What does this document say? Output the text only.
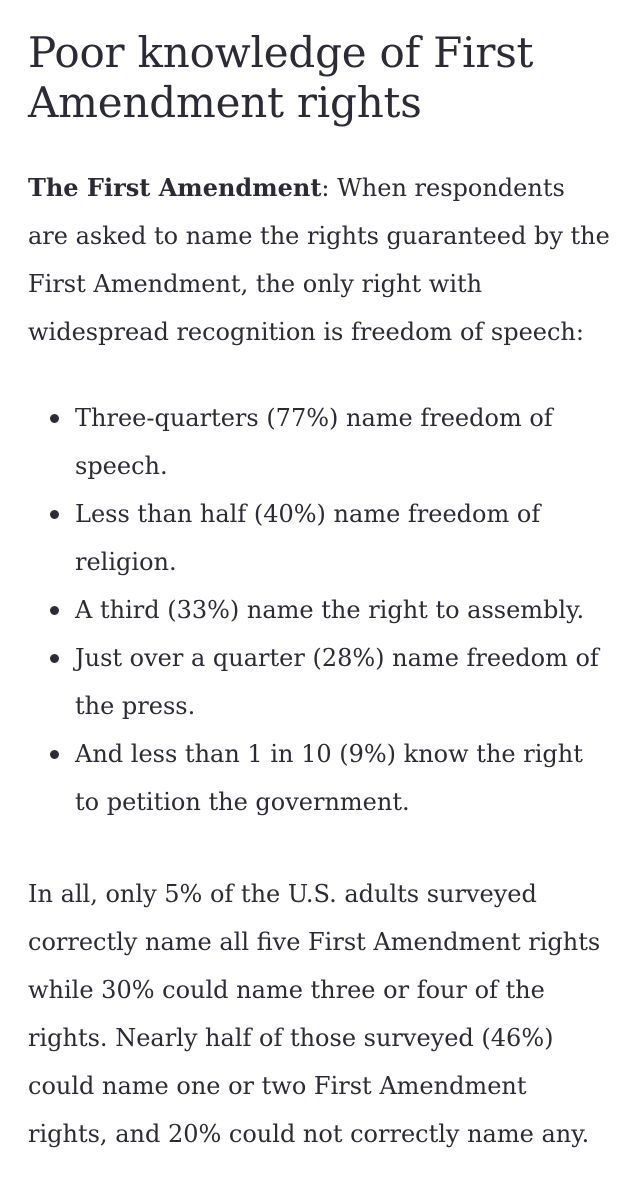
Poor knowledge of First Amendment rights

The First Amendment: When respondents are asked to name the rights guaranteed by the First Amendment, the only right with widespread recognition is freedom of speech:

Three-quarters (77%) name freedom of speech.
Less than half (40%) name freedom of religion.
A third (33%) name the right to assembly.
Just over a quarter (28%) name freedom of the press.
And less than 1 in 10 (9%) know the right to petition the government.

In all, only 5% of the U.S. adults surveyed correctly name all five First Amendment rights while 30% could name three or four of the rights. Nearly half of those surveyed (46%) could name one or two First Amendment rights, and 20% could not correctly name any.
